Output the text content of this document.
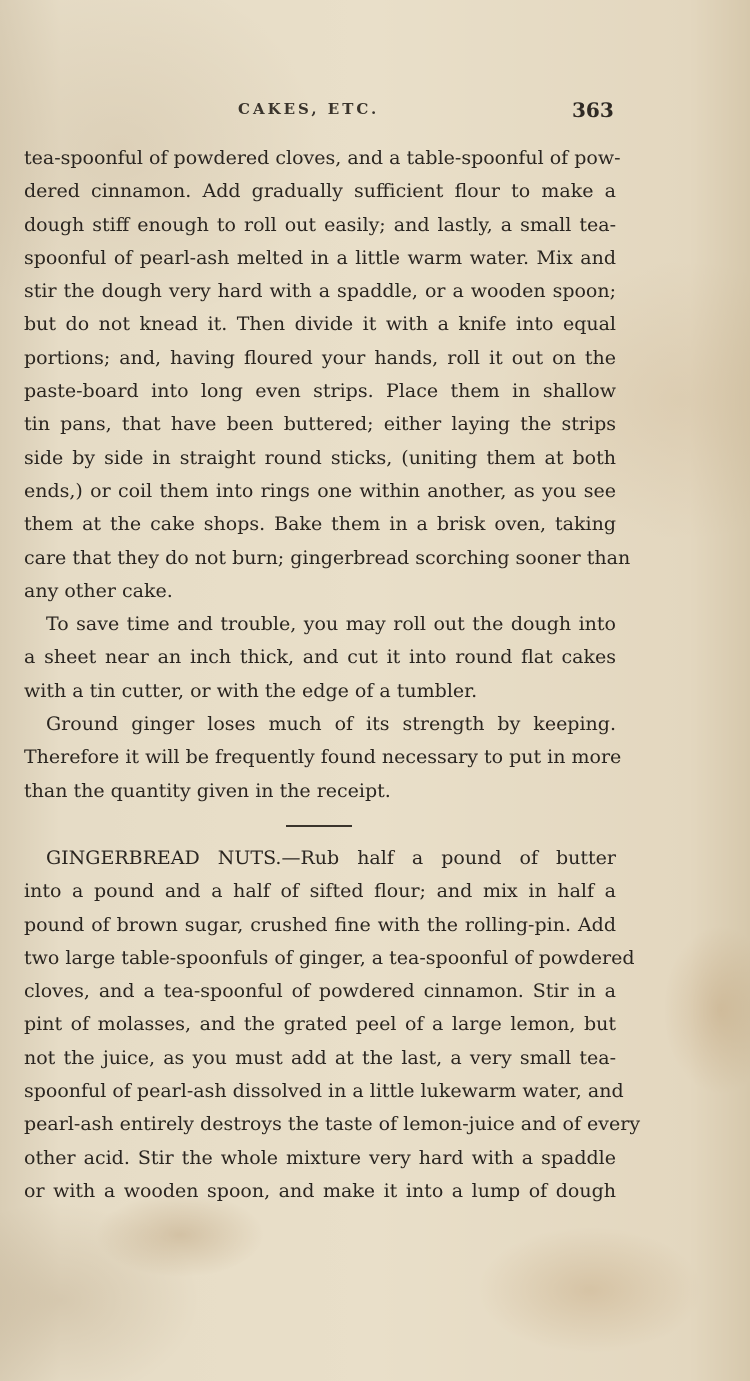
CAKES, ETC.	363
tea-spoonful of powdered cloves, and a table-spoonful of pow-
dered cinnamon. Add gradually sufficient flour to make a
dough stiff enough to roll out easily; and lastly, a small tea-
spoonful of pearl-ash melted in a little warm water. Mix and
stir the dough very hard with a spaddle, or a wooden spoon;
but do not knead it. Then divide it with a knife into equal
portions; and, having floured your hands, roll it out on the
paste-board into long even strips. Place them in shallow
tin pans, that have been buttered; either laying the strips
side by side in straight round sticks, (uniting them at both
ends,) or coil them into rings one within another, as you see
them at the cake shops. Bake them in a brisk oven, taking
care that they do not burn; gingerbread scorching sooner than
any other cake.
To save time and trouble, you may roll out the dough into
a sheet near an inch thick, and cut it into round flat cakes
with a tin cutter, or with the edge of a tumbler.
Ground ginger loses much of its strength by keeping.
Therefore it will be frequently found necessary to put in more
than the quantity given in the receipt.
GINGERBREAD NUTS.—Rub half a pound of butter
into a pound and a half of sifted flour; and mix in half a
pound of brown sugar, crushed fine with the rolling-pin. Add
two large table-spoonfuls of ginger, a tea-spoonful of powdered
cloves, and a tea-spoonful of powdered cinnamon. Stir in a
pint of molasses, and the grated peel of a large lemon, but
not the juice, as you must add at the last, a very small tea-
spoonful of pearl-ash dissolved in a little lukewarm water, and
pearl-ash entirely destroys the taste of lemon-juice and of every
other acid. Stir the whole mixture very hard with a spaddle
or with a wooden spoon, and make it into a lump of dough
